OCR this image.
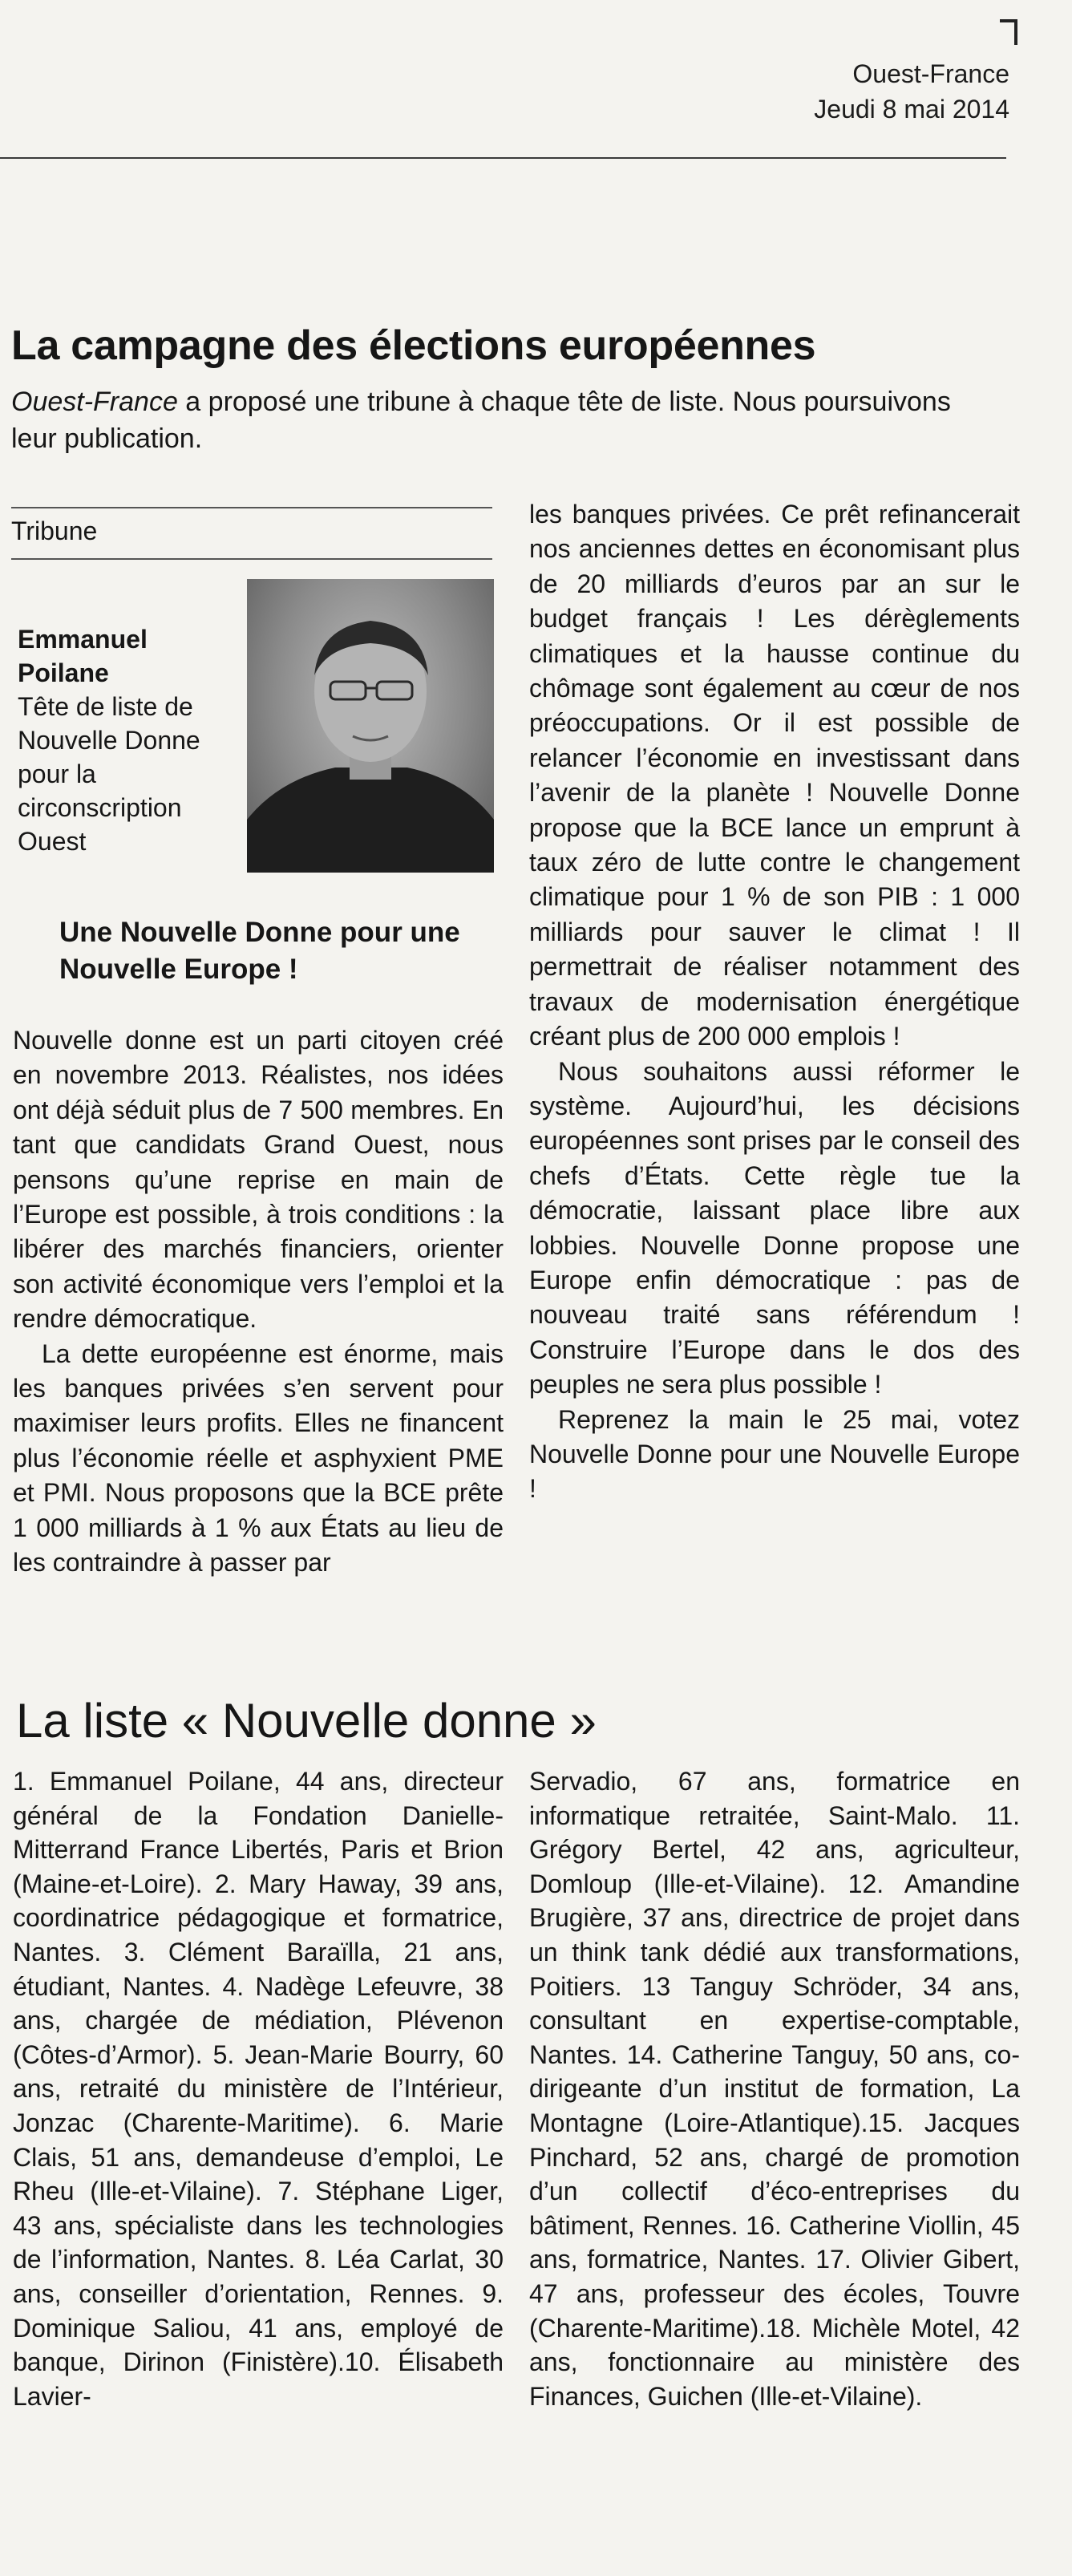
Ouest-France
Jeudi 8 mai 2014
La campagne des élections européennes
Ouest-France a proposé une tribune à chaque tête de liste. Nous poursuivons leur publication.
Tribune
Emmanuel Poilane
Tête de liste de Nouvelle Donne pour la circonscription Ouest
Une Nouvelle Donne pour une Nouvelle Europe !

Nouvelle donne est un parti citoyen créé en novembre 2013. Réalistes, nos idées ont déjà séduit plus de 7 500 membres. En tant que candidats Grand Ouest, nous pensons qu’une reprise en main de l’Europe est possible, à trois conditions : la libérer des marchés financiers, orienter son activité économique vers l’emploi et la rendre démocratique.

La dette européenne est énorme, mais les banques privées s’en servent pour maximiser leurs profits. Elles ne financent plus l’économie réelle et asphyxient PME et PMI. Nous proposons que la BCE prête 1 000 milliards à 1 % aux États au lieu de les contraindre à passer par

les banques privées. Ce prêt refinancerait nos anciennes dettes en économisant plus de 20 milliards d’euros par an sur le budget français ! Les dérèglements climatiques et la hausse continue du chômage sont également au cœur de nos préoccupations. Or il est possible de relancer l’économie en investissant dans l’avenir de la planète ! Nouvelle Donne propose que la BCE lance un emprunt à taux zéro de lutte contre le changement climatique pour 1 % de son PIB : 1 000 milliards pour sauver le climat ! Il permettrait de réaliser notamment des travaux de modernisation énergétique créant plus de 200 000 emplois !

Nous souhaitons aussi réformer le système. Aujourd’hui, les décisions européennes sont prises par le conseil des chefs d’États. Cette règle tue la démocratie, laissant place libre aux lobbies. Nouvelle Donne propose une Europe enfin démocratique : pas de nouveau traité sans référendum ! Construire l’Europe dans le dos des peuples ne sera plus possible !

Reprenez la main le 25 mai, votez Nouvelle Donne pour une Nouvelle Europe !

La liste « Nouvelle donne »
1. Emmanuel Poilane, 44 ans, directeur général de la Fondation Danielle-Mitterrand France Libertés, Paris et Brion (Maine-et-Loire). 2. Mary Haway, 39 ans, coordinatrice pédagogique et formatrice, Nantes. 3. Clément Baraïlla, 21 ans, étudiant, Nantes. 4. Nadège Lefeuvre, 38 ans, chargée de médiation, Plévenon (Côtes-d’Armor). 5. Jean-Marie Bourry, 60 ans, retraité du ministère de l’Intérieur, Jonzac (Charente-Maritime). 6. Marie Clais, 51 ans, demandeuse d’emploi, Le Rheu (Ille-et-Vilaine). 7. Stéphane Liger, 43 ans, spécialiste dans les technologies de l’information, Nantes. 8. Léa Carlat, 30 ans, conseiller d’orientation, Rennes. 9. Dominique Saliou, 41 ans, employé de banque, Dirinon (Finistère).10. Élisabeth Lavier-
Servadio, 67 ans, formatrice en informatique retraitée, Saint-Malo. 11. Grégory Bertel, 42 ans, agriculteur, Domloup (Ille-et-Vilaine). 12. Amandine Brugière, 37 ans, directrice de projet dans un think tank dédié aux transformations, Poitiers. 13 Tanguy Schröder, 34 ans, consultant en expertise-comptable, Nantes. 14. Catherine Tanguy, 50 ans, co-dirigeante d’un institut de formation, La Montagne (Loire-Atlantique).15. Jacques Pinchard, 52 ans, chargé de promotion d’un collectif d’éco-entreprises du bâtiment, Rennes. 16. Catherine Viollin, 45 ans, formatrice, Nantes. 17. Olivier Gibert, 47 ans, professeur des écoles, Touvre (Charente-Maritime).18. Michèle Motel, 42 ans, fonctionnaire au ministère des Finances, Guichen (Ille-et-Vilaine).
